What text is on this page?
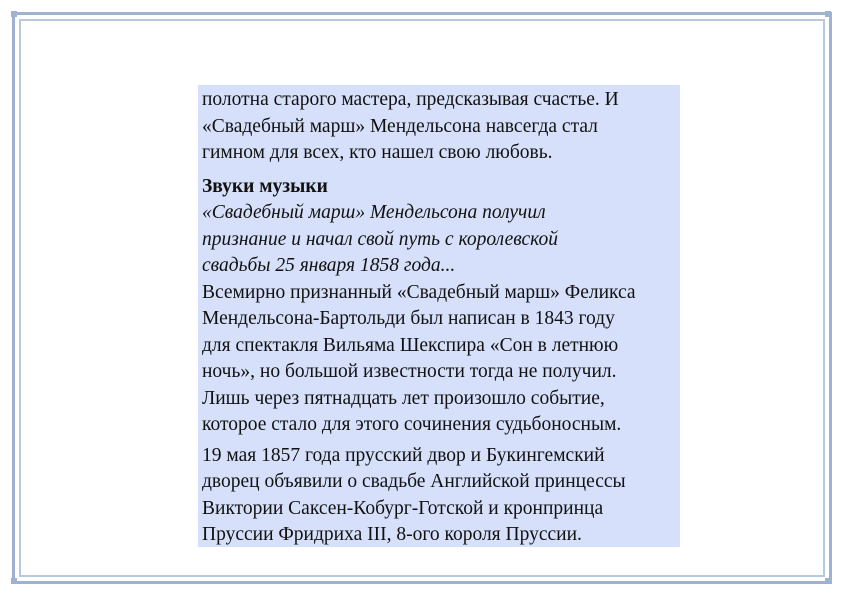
полотна старого мастера, предсказывая счастье. И
«Свадебный марш» Мендельсона навсегда стал
гимном для всех, кто нашел свою любовь.

Звуки музыки

«Свадебный марш» Мендельсона получил
признание и начал свой путь с королевской
свадьбы 25 января 1858 года...

Всемирно признанный «Свадебный марш» Феликса
Мендельсона-Бартольди был написан в 1843 году
для спектакля Вильяма Шекспира «Сон в летнюю
ночь», но большой известности тогда не получил.
Лишь через пятнадцать лет произошло событие,
которое стало для этого сочинения судьбоносным.

19 мая 1857 года прусский двор и Букингемский
дворец объявили о свадьбе Английской принцессы
Виктории Саксен-Кобург-Готской и кронпринца
Пруссии Фридриха III, 8-ого короля Пруссии.
